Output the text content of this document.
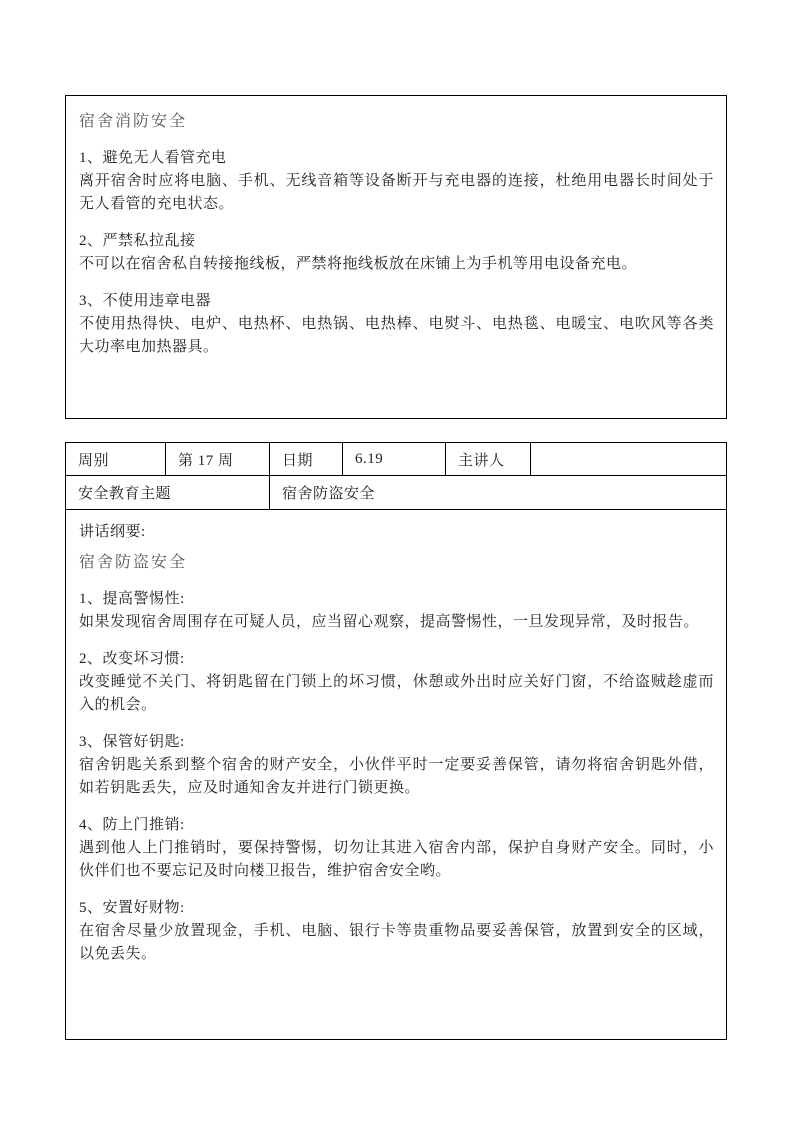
宿舍消防安全
1、避免无人看管充电
离开宿舍时应将电脑、手机、无线音箱等设备断开与充电器的连接，杜绝用电器长时间处于无人看管的充电状态。
2、严禁私拉乱接
不可以在宿舍私自转接拖线板，严禁将拖线板放在床铺上为手机等用电设备充电。
3、不使用违章电器
不使用热得快、电炉、电热杯、电热锅、电热棒、电熨斗、电热毯、电暖宝、电吹风等各类大功率电加热器具。
周别	第 17 周	日期	6.19	主讲人	
安全教育主题		宿舍防盗安全			

讲话纲要:
宿舍防盗安全
1、提高警惕性:
如果发现宿舍周围存在可疑人员，应当留心观察，提高警惕性，一旦发现异常，及时报告。
2、改变坏习惯:
改变睡觉不关门、将钥匙留在门锁上的坏习惯，休憩或外出时应关好门窗，不给盗贼趁虚而入的机会。
3、保管好钥匙:
宿舍钥匙关系到整个宿舍的财产安全，小伙伴平时一定要妥善保管，请勿将宿舍钥匙外借，如若钥匙丢失，应及时通知舍友并进行门锁更换。
4、防上门推销:
遇到他人上门推销时，要保持警惕，切勿让其进入宿舍内部，保护自身财产安全。同时，小伙伴们也不要忘记及时向楼卫报告，维护宿舍安全哟。
5、安置好财物:
在宿舍尽量少放置现金，手机、电脑、银行卡等贵重物品要妥善保管，放置到安全的区域，以免丢失。
